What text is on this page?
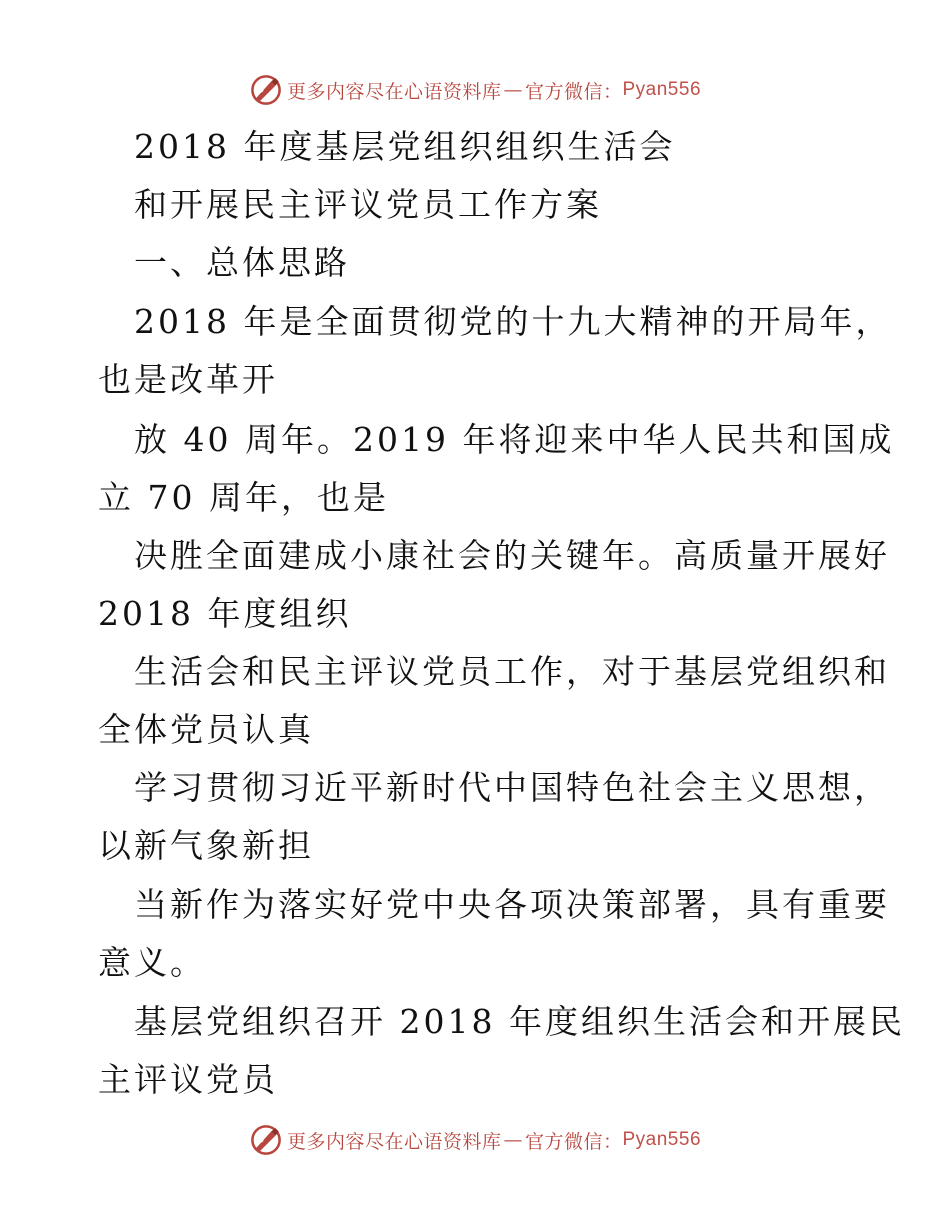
更多内容尽在心语资料库 — 官方微信： Pyan556
2018 年度基层党组织组织生活会
和开展民主评议党员工作方案
一、总体思路
2018 年是全面贯彻党的十九大精神的开局年，
也是改革开
放 40 周年。2019 年将迎来中华人民共和国成
立 70 周年，也是
决胜全面建成小康社会的关键年。高质量开展好
2018 年度组织
生活会和民主评议党员工作，对于基层党组织和
全体党员认真
学习贯彻习近平新时代中国特色社会主义思想，
以新气象新担
当新作为落实好党中央各项决策部署，具有重要
意义。
基层党组织召开 2018 年度组织生活会和开展民
主评议党员
更多内容尽在心语资料库 — 官方微信： Pyan556
